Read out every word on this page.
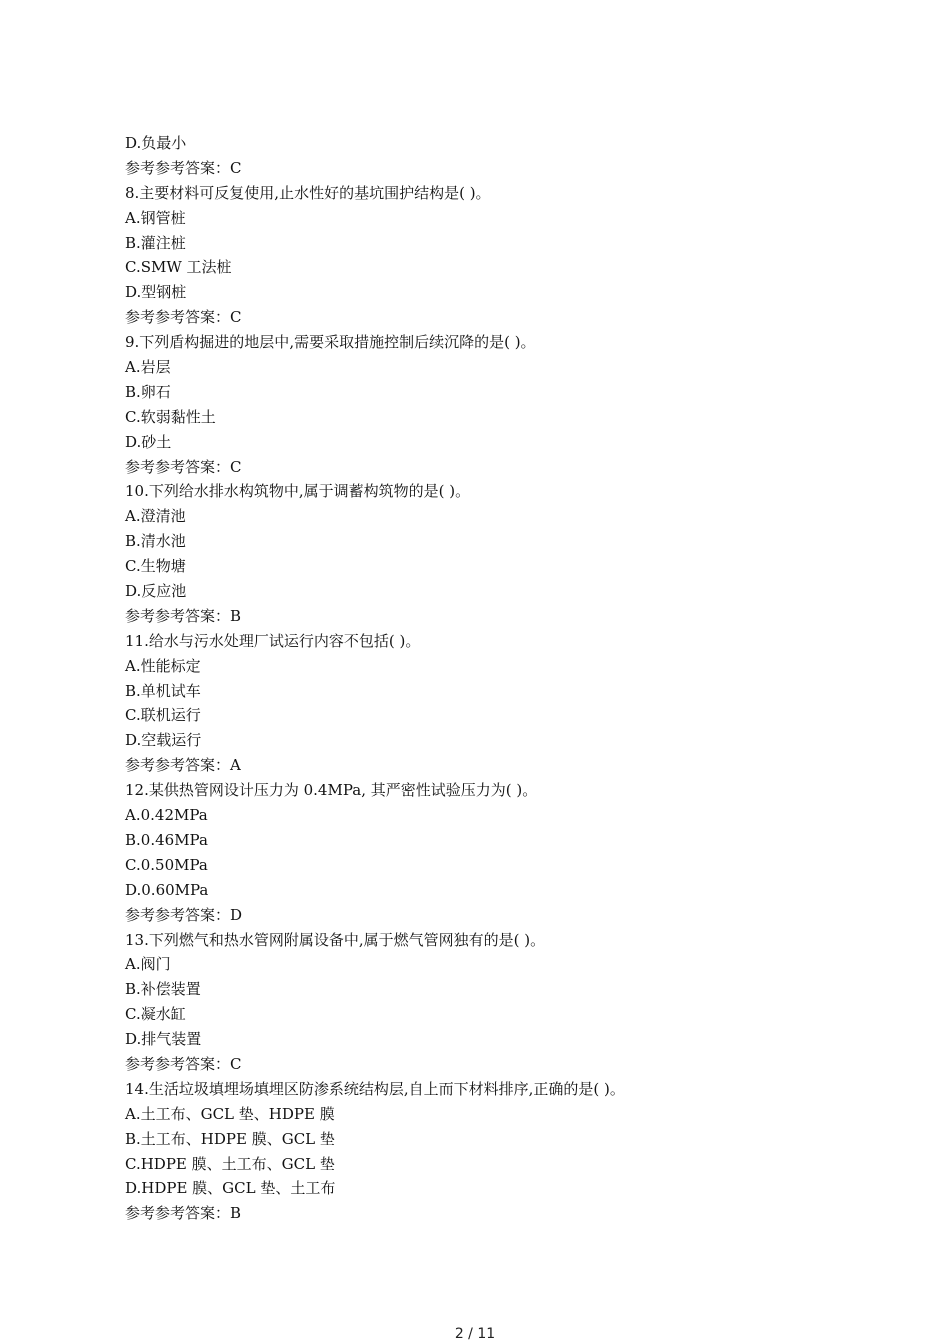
D.负最小
参考参考答案：C
8.主要材料可反复使用,止水性好的基坑围护结构是( )。
A.钢管桩
B.灌注桩
C.SMW 工法桩
D.型钢桩
参考参考答案：C
9.下列盾构掘进的地层中,需要采取措施控制后续沉降的是( )。
A.岩层
B.卵石
C.软弱黏性土
D.砂土
参考参考答案：C
10.下列给水排水构筑物中,属于调蓄构筑物的是( )。
A.澄清池
B.清水池
C.生物塘
D.反应池
参考参考答案：B
11.给水与污水处理厂试运行内容不包括( )。
A.性能标定
B.单机试车
C.联机运行
D.空载运行
参考参考答案：A
12.某供热管网设计压力为 0.4MPa, 其严密性试验压力为( )。
A.0.42MPa
B.0.46MPa
C.0.50MPa
D.0.60MPa
参考参考答案：D
13.下列燃气和热水管网附属设备中,属于燃气管网独有的是( )。
A.阀门
B.补偿装置
C.凝水缸
D.排气装置
参考参考答案：C
14.生活垃圾填埋场填埋区防渗系统结构层,自上而下材料排序,正确的是( )。
A.土工布、GCL 垫、HDPE 膜
B.土工布、HDPE 膜、GCL 垫
C.HDPE 膜、土工布、GCL 垫
D.HDPE 膜、GCL 垫、土工布
参考参考答案：B
2 / 11
